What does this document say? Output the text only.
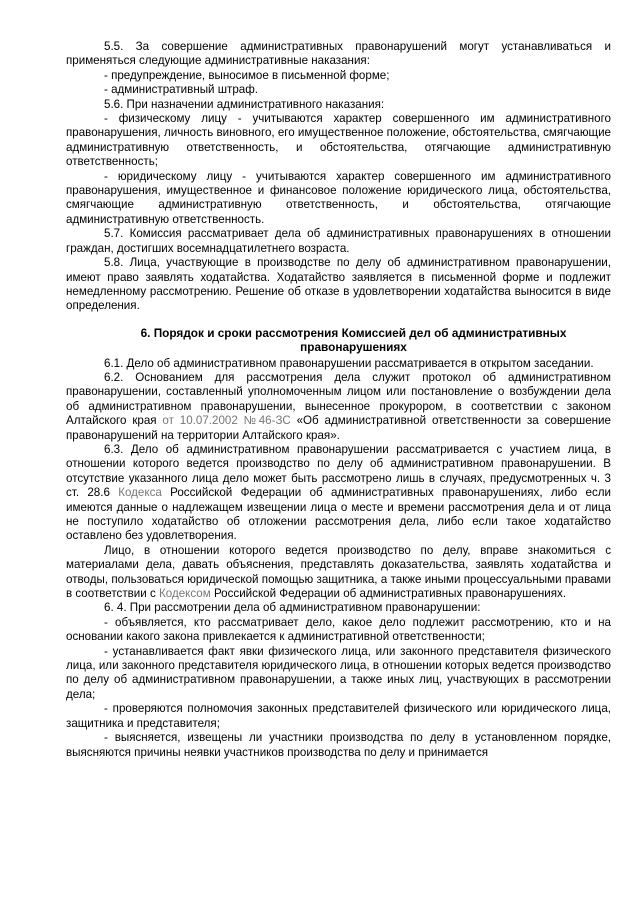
5.5. За совершение административных правонарушений могут устанавливаться и применяться следующие административные наказания:

- предупреждение, выносимое в письменной форме;

- административный штраф.

5.6. При назначении административного наказания:

- физическому лицу - учитываются характер совершенного им административного правонарушения, личность виновного, его имущественное положение, обстоятельства, смягчающие административную ответственность, и обстоятельства, отягчающие административную ответственность;

- юридическому лицу - учитываются характер совершенного им административного правонарушения, имущественное и финансовое положение юридического лица, обстоятельства, смягчающие административную ответственность, и обстоятельства, отягчающие административную ответственность.

5.7. Комиссия рассматривает дела об административных правонарушениях в отношении граждан, достигших восемнадцатилетнего возраста.

5.8. Лица, участвующие в производстве по делу об административном правонарушении, имеют право заявлять ходатайства. Ходатайство заявляется в письменной форме и подлежит немедленному рассмотрению. Решение об отказе в удовлетворении ходатайства выносится в виде определения.

6. Порядок и сроки рассмотрения Комиссией дел об административных
правонарушениях

6.1. Дело об административном правонарушении рассматривается в открытом заседании.

6.2. Основанием для рассмотрения дела служит протокол об административном правонарушении, составленный уполномоченным лицом или постановление о возбуждении дела об административном правонарушении, вынесенное прокурором, в соответствии с законом Алтайского края от 10.07.2002 №46-ЗС «Об административной ответственности за совершение правонарушений на территории Алтайского края».

6.3. Дело об административном правонарушении рассматривается с участием лица, в отношении которого ведется производство по делу об административном правонарушении. В отсутствие указанного лица дело может быть рассмотрено лишь в случаях, предусмотренных ч. 3 ст. 28.6 Кодекса Российской Федерации об административных правонарушениях, либо если имеются данные о надлежащем извещении лица о месте и времени рассмотрения дела и от лица не поступило ходатайство об отложении рассмотрения дела, либо если такое ходатайство оставлено без удовлетворения.

Лицо, в отношении которого ведется производство по делу, вправе знакомиться с материалами дела, давать объяснения, представлять доказательства, заявлять ходатайства и отводы, пользоваться юридической помощью защитника, а также иными процессуальными правами в соответствии с Кодексом Российской Федерации об административных правонарушениях.

6. 4. При рассмотрении дела об административном правонарушении:

- объявляется, кто рассматривает дело, какое дело подлежит рассмотрению, кто и на основании какого закона привлекается к административной ответственности;

- устанавливается факт явки физического лица, или законного представителя физического лица, или законного представителя юридического лица, в отношении которых ведется производство по делу об административном правонарушении, а также иных лиц, участвующих в рассмотрении дела;

- проверяются полномочия законных представителей физического или юридического лица, защитника и представителя;

- выясняется, извещены ли участники производства по делу в установленном порядке, выясняются причины неявки участников производства по делу и принимается
